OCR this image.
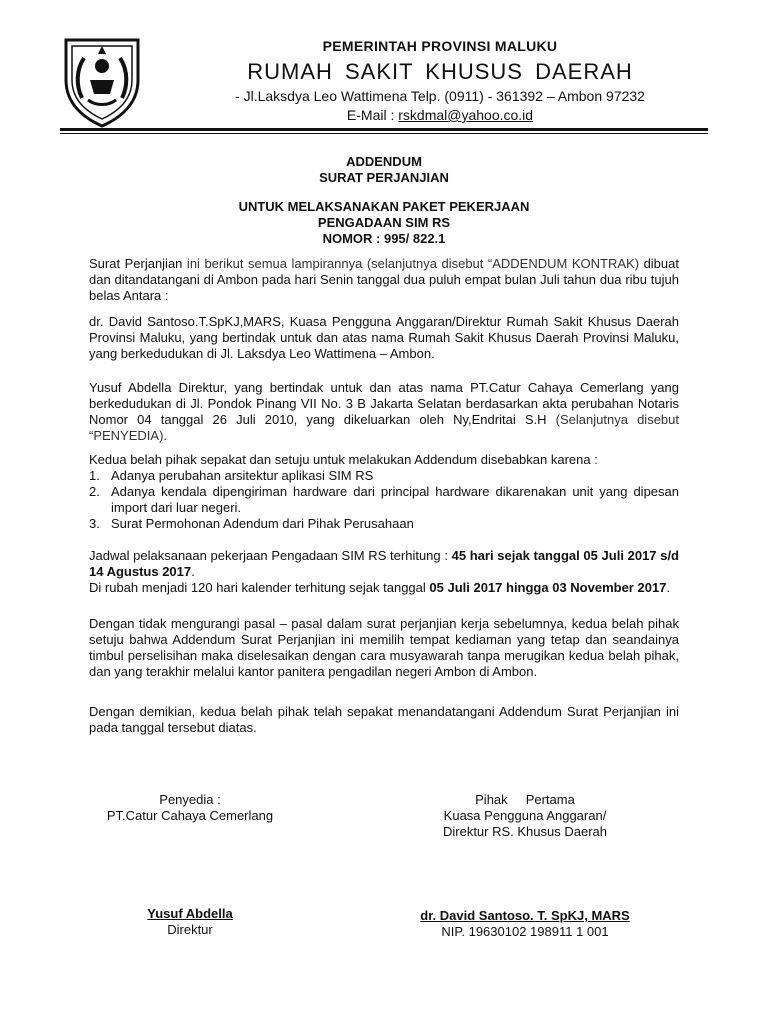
PEMERINTAH PROVINSI MALUKU
RUMAH SAKIT KHUSUS DAERAH
- Jl.Laksdya Leo Wattimena Telp. (0911) - 361392 – Ambon 97232
E-Mail : rskdmal@yahoo.co.id
ADDENDUM
SURAT PERJANJIAN
UNTUK MELAKSANAKAN PAKET PEKERJAAN
PENGADAAN SIM RS
NOMOR : 995/ 822.1

Surat Perjanjian ini berikut semua lampirannya (selanjutnya disebut “ADDENDUM KONTRAK) dibuat dan ditandatangani di Ambon pada hari Senin tanggal dua puluh empat bulan Juli tahun dua ribu tujuh belas Antara :

dr. David Santoso.T.SpKJ,MARS, Kuasa Pengguna Anggaran/Direktur Rumah Sakit Khusus Daerah Provinsi Maluku, yang bertindak untuk dan atas nama Rumah Sakit Khusus Daerah Provinsi Maluku, yang berkedudukan di Jl. Laksdya Leo Wattimena – Ambon.

Yusuf Abdella Direktur, yang bertindak untuk dan atas nama PT.Catur Cahaya Cemerlang yang berkedudukan di Jl. Pondok Pinang VII No. 3 B Jakarta Selatan berdasarkan akta perubahan Notaris Nomor 04 tanggal 26 Juli 2010, yang dikeluarkan oleh Ny,Endritai S.H (Selanjutnya disebut “PENYEDIA).

Kedua belah pihak sepakat dan setuju untuk melakukan Addendum disebabkan karena :

1. Adanya perubahan arsitektur aplikasi SIM RS
2. Adanya kendala dipengiriman hardware dari principal hardware dikarenakan unit yang dipesan import dari luar negeri.
3. Surat Permohonan Adendum dari Pihak Perusahaan

Jadwal pelaksanaan pekerjaan Pengadaan SIM RS terhitung : 45 hari sejak tanggal 05 Juli 2017 s/d 14 Agustus 2017.

Di rubah menjadi 120 hari kalender terhitung sejak tanggal 05 Juli 2017 hingga 03 November 2017.

Dengan tidak mengurangi pasal – pasal dalam surat perjanjian kerja sebelumnya, kedua belah pihak setuju bahwa Addendum Surat Perjanjian ini memilih tempat kediaman yang tetap dan seandainya timbul perselisihan maka diselesaikan dengan cara musyawarah tanpa merugikan kedua belah pihak, dan yang terakhir melalui kantor panitera pengadilan negeri Ambon di Ambon.

Dengan demikian, kedua belah pihak telah sepakat menandatangani Addendum Surat Perjanjian ini pada tanggal tersebut diatas.

Penyedia :
PT.Catur Cahaya Cemerlang
Pihak     Pertama
Kuasa Pengguna Anggaran/
Direktur RS. Khusus Daerah
Yusuf Abdella
Direktur
dr. David Santoso. T. SpKJ, MARS
NIP. 19630102 198911 1 001
